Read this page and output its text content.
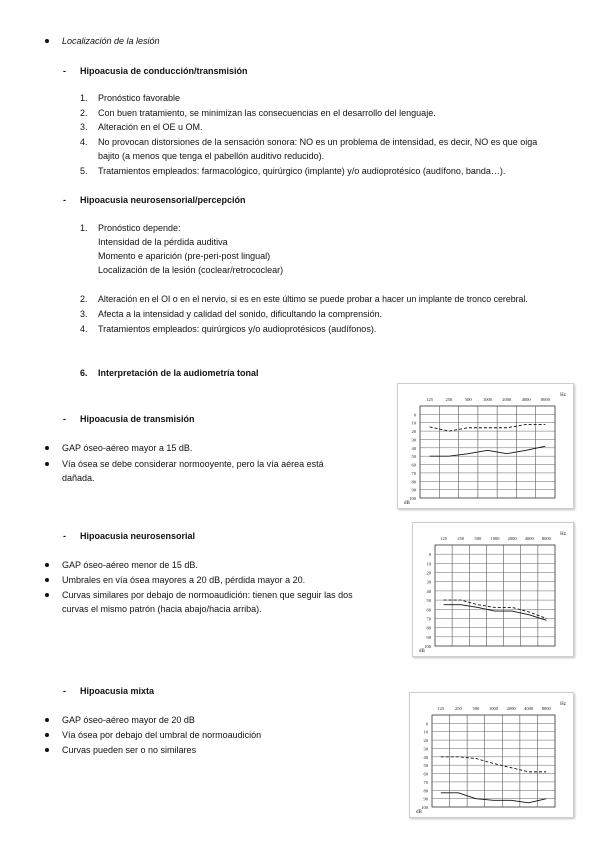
Localización de la lesión
- Hipoacusia de conducción/transmisión
1. Pronóstico favorable
2. Con buen tratamiento, se minimizan las consecuencias en el desarrollo del lenguaje.
3. Alteración en el OE u OM.
4. No provocan distorsiones de la sensación sonora: NO es un problema de intensidad, es decir, NO es que oiga
bajito (a menos que tenga el pabellón auditivo reducido).
5. Tratamientos empleados: farmacológico, quirúrgico (implante) y/o audioprotésico (audífono, banda…).
- Hipoacusia neurosensorial/percepción
1. Pronóstico depende:
Intensidad de la pérdida auditiva
Momento e aparición (pre-peri-post lingual)
Localización de la lesión (coclear/retrococlear)
2. Alteración en el OI o en el nervio, si es en este último se puede probar a hacer un implante de tronco cerebral.
3. Afecta a la intensidad y calidad del sonido, dificultando la comprensión.
4. Tratamientos empleados: quirúrgicos y/o audioprotésicos (audífonos).
6. Interpretación de la audiometría tonal
- Hipoacusia de transmisión
GAP óseo-aéreo mayor a 15 dB.
Vía ósea se debe considerar normooyente, pero la vía aérea está
dañada.
- Hipoacusia neurosensorial
GAP óseo-aéreo menor de 15 dB.
Umbrales en vía ósea mayores a 20 dB, pérdida mayor a 20.
Curvas similares por debajo de normoaudición: tienen que seguir las dos
curvas el mismo patrón (hacia abajo/hacia arriba).
- Hipoacusia mixta
GAP óseo-aéreo mayor de 20 dB
Vía ósea por debajo del umbral de normoaudición
Curvas pueden ser o no similares
0
10
20
30
40
50
60
70
80
90
100
125	250	500	1000 2000 4000 8000
Hz
dB
0
10
20
30
40
50
60
70
80
90
100
125 250 500 1000 2000 4000 8000
Hz
dB
0
10
20
30
40
50
60
70
80
90
100
125 250 500 1000 2000 4000 8000
Hz
dB
